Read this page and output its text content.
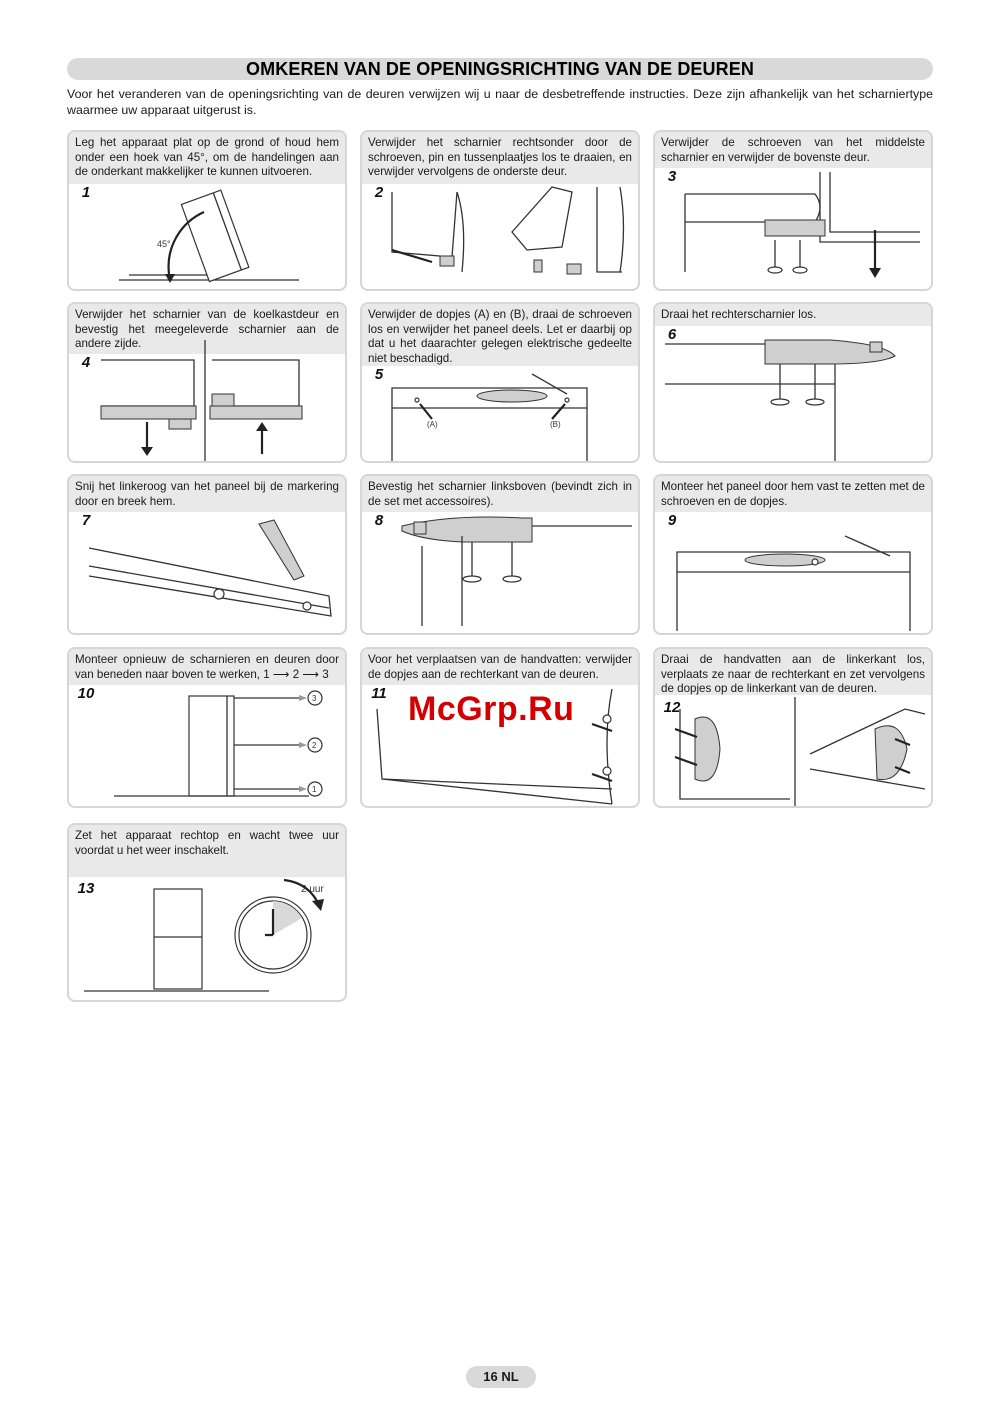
OMKEREN VAN DE OPENINGSRICHTING VAN DE DEUREN
Voor het veranderen van de openingsrichting van de deuren verwijzen wij u naar de desbetreffende instructies. Deze zijn afhankelijk van het scharniertype waarmee uw apparaat uitgerust is.
Leg het apparaat plat op de grond of houd hem onder een hoek van 45°, om de handelingen aan de onderkant makkelijker te kunnen uitvoeren.
1
45°
Verwijder het scharnier rechtsonder door de schroeven, pin en tussenplaatjes los te draaien, en verwijder vervolgens de onderste deur.
2
Verwijder de schroeven van het middelste scharnier en verwijder de bovenste deur.
3
Verwijder het scharnier van de koelkastdeur en bevestig het meegeleverde scharnier aan de andere zijde.
4
Verwijder de dopjes (A) en (B), draai de schroeven los en verwijder het paneel deels. Let er daarbij op dat u het daarachter gelegen elektrische gedeelte niet beschadigd.
5
(A)	(B)
Draai het rechterscharnier los.
6
Snij het linkeroog van het paneel bij de markering door en breek hem.
7
Bevestig het scharnier linksboven (bevindt zich in de set met accessoires).
8
Monteer het paneel door hem vast te zetten met de schroeven en de dopjes.
9
Monteer opnieuw de scharnieren en deuren door van beneden naar boven te werken, 1 ⟶ 2 ⟶ 3
10	3
2
1
Voor het verplaatsen van de handvatten: verwijder de dopjes aan de rechterkant van de deuren.
11
Draai de handvatten aan de linkerkant los, verplaats ze naar de rechterkant en zet vervolgens de dopjes op de linkerkant van de deuren.
12
Zet het apparaat rechtop en wacht twee uur voordat u het weer inschakelt.
13	2 uur
McGrp.Ru
16 NL
